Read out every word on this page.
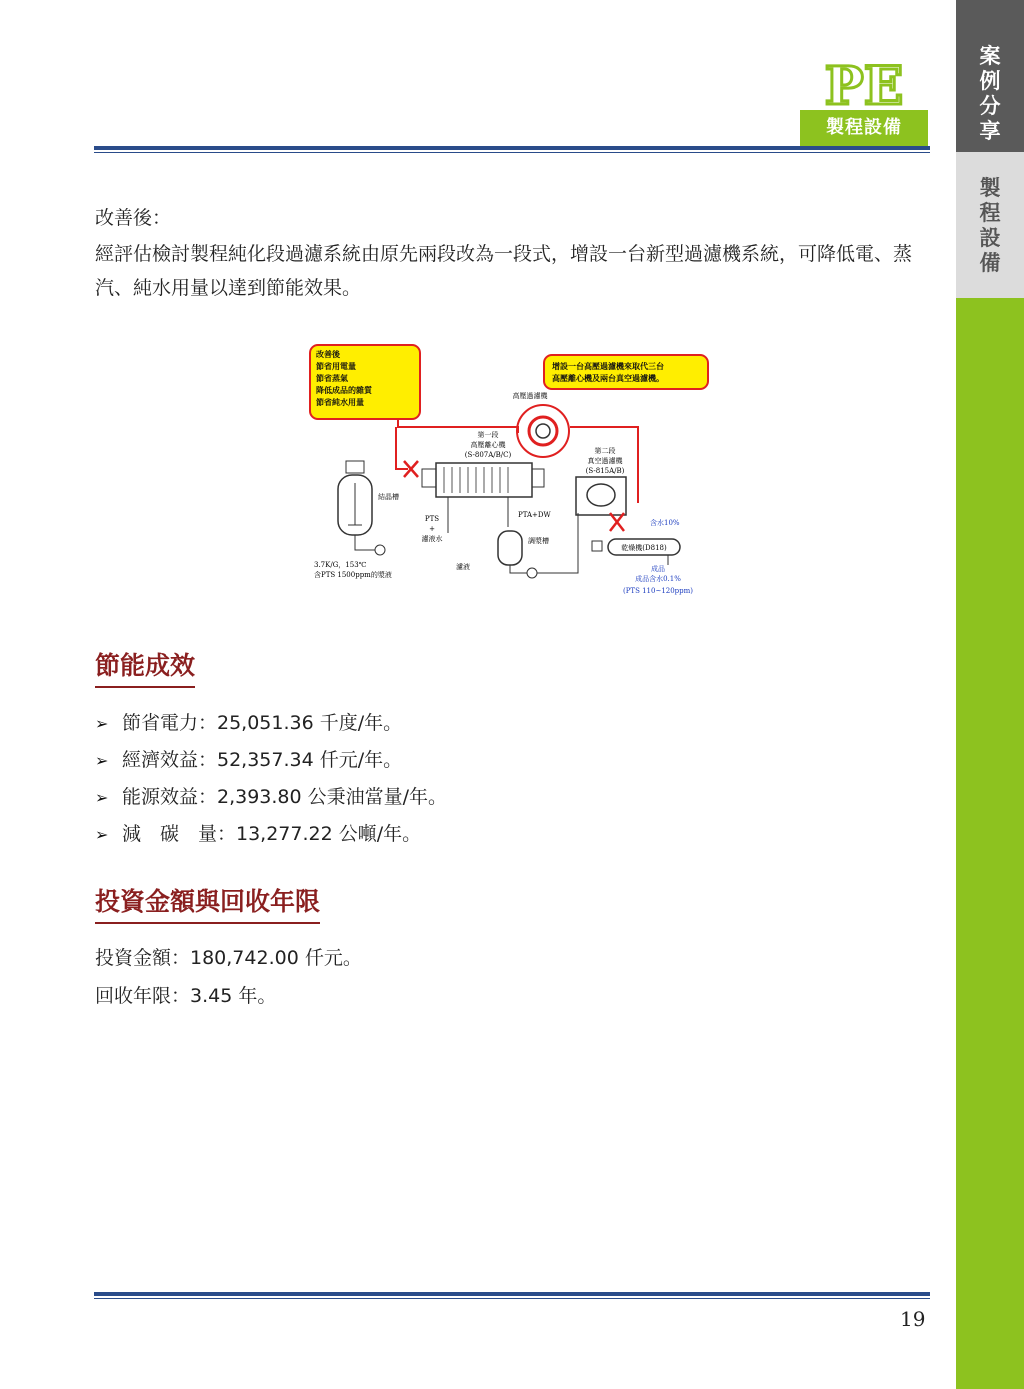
案
例
分
享
製
程
設
備
PE
製程設備
改善後：
經評估檢討製程純化段過濾系統由原先兩段改為一段式，增設一台新型過濾機系統，可降低電、蒸汽、純水用量以達到節能效果。
改善後
節省用電量
節省蒸氣
降低成品的雜質
節省純水用量
增設一台高壓過濾機來取代三台
高壓離心機及兩台真空過濾機。
高壓過濾機
第一段
高壓離心機
(S-807A/B/C)	第二段
真空過濾機
(S-815A/B)
結晶槽
PTS
+
濾液水
PTA+DW
濾液
調漿槽
含水10%
乾燥機(D818)
成品
成品含水0.1%
(PTS 110~120ppm)
3.7K/G，153℃
含PTS 1500ppm的漿液
節能成效
➢ 節省電力：25,051.36 千度/年。
➢ 經濟效益：52,357.34 仟元/年。
➢ 能源效益：2,393.80 公秉油當量/年。
➢ 減　碳　量：13,277.22 公噸/年。
投資金額與回收年限
投資金額：180,742.00 仟元。
回收年限：3.45 年。
19
